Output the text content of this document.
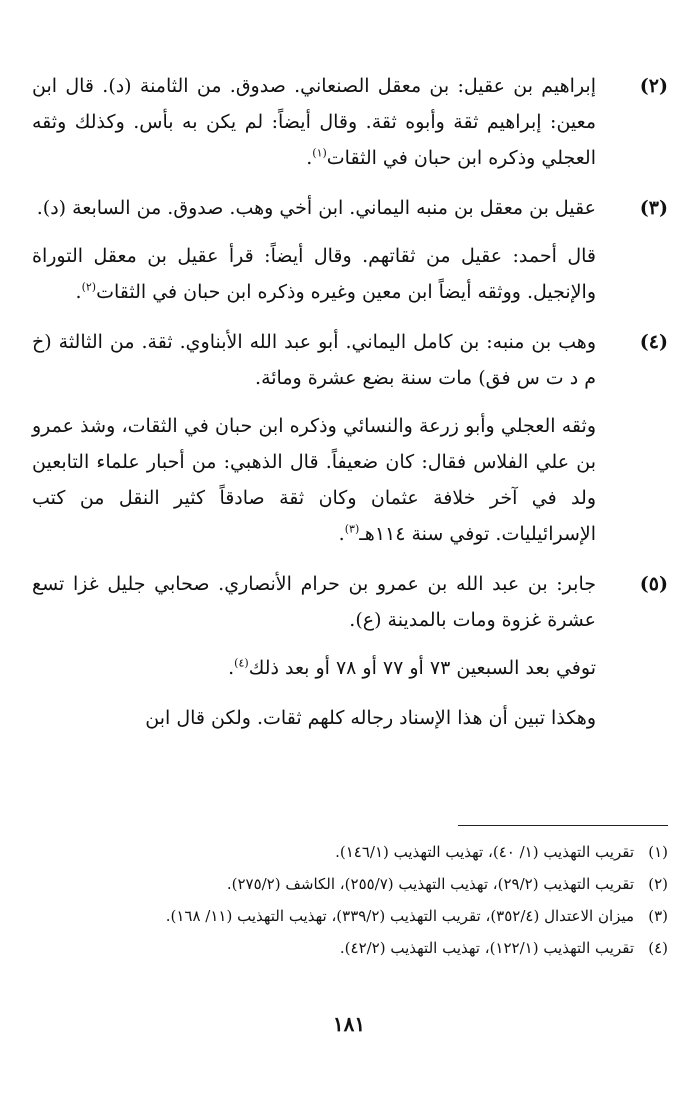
(٢)

إبراهيم بن عقيل: بن معقل الصنعاني. صدوق. من الثامنة (د). قال ابن معين: إبراهيم ثقة وأبوه ثقة. وقال أيضاً: لم يكن به بأس. وكذلك وثقه العجلي وذكره ابن حبان في الثقات$^{(١)}$.

(٣)

عقيل بن معقل بن منبه اليماني. ابن أخي وهب. صدوق. من السابعة (د).

قال أحمد: عقيل من ثقاتهم. وقال أيضاً: قرأ عقيل بن معقل التوراة والإنجيل. ووثقه أيضاً ابن معين وغيره وذكره ابن حبان في الثقات$^{(٢)}$.

(٤)

وهب بن منبه: بن كامل اليماني. أبو عبد الله الأبناوي. ثقة. من الثالثة (خ م د ت س فق) مات سنة بضع عشرة ومائة.

وثقه العجلي وأبو زرعة والنسائي وذكره ابن حبان في الثقات، وشذ عمرو بن علي الفلاس فقال: كان ضعيفاً. قال الذهبي: من أحبار علماء التابعين ولد في آخر خلافة عثمان وكان ثقة صادقاً كثير النقل من كتب الإسرائيليات. توفي سنة ١١٤هـ$^{(٣)}$.

(٥)

جابر: بن عبد الله بن عمرو بن حرام الأنصاري. صحابي جليل غزا تسع عشرة غزوة ومات بالمدينة (ع).

توفي بعد السبعين ٧٣ أو ٧٧ أو ٧٨ أو بعد ذلك$^{(٤)}$.

وهكذا تبين أن هذا الإسناد رجاله كلهم ثقات. ولكن قال ابن
(١)
تقريب التهذيب (١/ ٤٠)، تهذيب التهذيب (١٤٦/١).
(٢)
تقريب التهذيب (٢٩/٢)، تهذيب التهذيب (٢٥٥/٧)، الكاشف (٢٧٥/٢).
(٣)
ميزان الاعتدال (٣٥٢/٤)، تقريب التهذيب (٣٣٩/٢)، تهذيب التهذيب (١١/ ١٦٨).
(٤)
تقريب التهذيب (١٢٢/١)، تهذيب التهذيب (٤٢/٢).
١٨١
